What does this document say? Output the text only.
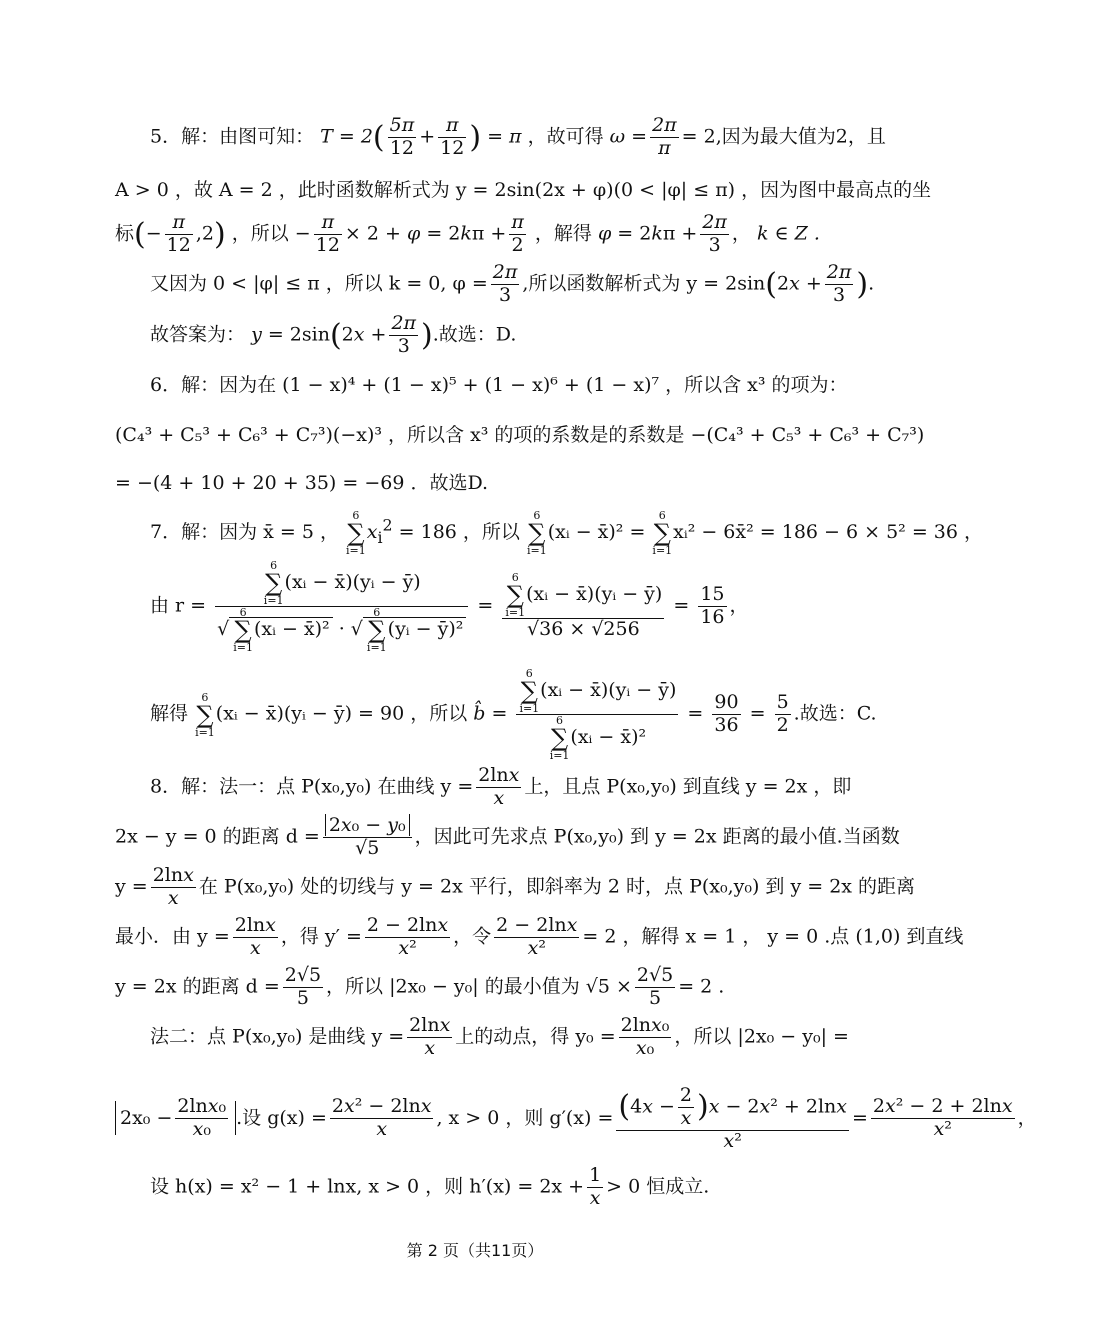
5．解：由图可知： $T = 2( \frac{5\pi}{12} + \frac{\pi}{12}$ ) = π ，故可得 $\omega = \frac{2\pi}{\pi} = 2$,因为最大值为2，且
A > 0 ，故 A = 2 ，此时函数解析式为 y = 2sin(2x + φ)(0 < |φ| ≤ π) ，因为图中最高点的坐
标(− $\frac{\pi}{12} ,2$) ，所以 − $\frac{\pi}{12} \times 2 + \varphi = 2k\pi + \frac{\pi}{2}$ ，解得 $\varphi = 2k\pi + \frac{2\pi}{3}$ ， k ∈ Z .
又因为 0 < |φ| ≤ π ，所以 k = 0, $\varphi = \frac{2\pi}{3}$ ,所以函数解析式为 $y = 2\sin(2x + \frac{2\pi}{3}$ ).
故答案为： $y = 2\sin(2x + \frac{2\pi}{3}$ ).故选：D.
6．解：因为在 (1 − x)⁴ + (1 − x)⁵ + (1 − x)⁶ + (1 − x)⁷ ，所以含 x³ 的项为：
(C₄³ + C₅³ + C₆³ + C₇³)(−x)³ ，所以含 x³ 的项的系数是的系数是 −(C₄³ + C₅³ + C₆³ + C₇³)
= −(4 + 10 + 20 + 35) = −69 ．故选D.
7．解：因为 x̄ = 5 ， 6
∑
$i=1x_i^2 = 186$ ，所以 6
∑
i=1(xᵢ − x̄)² = 6
∑
i=1xᵢ² − 6x̄² = 186 − 6 × 5² = 36 ，
由 r = 6
∑
i=1(xᵢ − x̄)(yᵢ − ȳ)
√6
∑
i=1(xᵢ − x̄)² · √6
∑
i=1(yᵢ − ȳ)² = 6
∑
i=1(xᵢ − x̄)(yᵢ − ȳ)
$√36 \times √256 = \frac{15}{16}$ ，
解得 6
∑
i=1(xᵢ − x̄)(yᵢ − ȳ) = 90 ，所以 b̂ = 6
∑
i=1(xᵢ − x̄)(yᵢ − ȳ)
6
∑
i=1(xᵢ − x̄)² = $\frac{90}{36} = \frac{5}{2}$ .故选：C.
8．解：法一：点 P(x₀,y₀) 在曲线 $y = \frac{2\ln x}{x}$ 上，且点 P(x₀,y₀) 到直线 y = 2x ，即
2x − y = 0 的距离 $d = \frac{\text{2x₀ − y₀}}{√5}$ ，因此可先求点 P(x₀,y₀) 到 y = 2x 距离的最小值.当函数
$y = \frac{2\ln x}{x}$ 在 P(x₀,y₀) 处的切线与 y = 2x 平行，即斜率为 2 时，点 P(x₀,y₀) 到 y = 2x 的距离
最小．由 $y = \frac{2\ln x}{x}$ ，得 $y' = \frac{2 - 2\ln x}{\text{x²}}$ ，令 $\frac{2 - 2\ln x}{\text{x²}} = 2$ ，解得 x = 1 ， y = 0 .点 (1,0) 到直线
y = 2x 的距离 $d = \frac{2√5}{5}$ ，所以 |2x₀ − y₀| 的最小值为 $√5 \times \frac{2√5}{5} = 2$ .
法二：点 P(x₀,y₀) 是曲线 $y = \frac{2\ln x}{x}$ 上的动点，得 $y_0 = \frac{\text{2lnx₀}}{\text{x₀}}$ ，所以 |2x₀ − y₀| =
$2x_0 - \frac{\text{2lnx₀}}{\text{x₀}}$ .设 $g(x) = \frac{\text{2x² − 2lnx}}{x}$ , x > 0 ，则 $g'(x) = \frac{(4x - \frac{2}{x} )x - 2x^2 + 2\ln x}{\text{x²}} = \frac{\text{2x² − 2 + 2lnx}}{\text{x²}}$ ，
设 h(x) = x² − 1 + lnx, x > 0 ，则 $h'(x) = 2x + \frac{1}{x} > 0$ 恒成立.
第 2 页（共11页）
